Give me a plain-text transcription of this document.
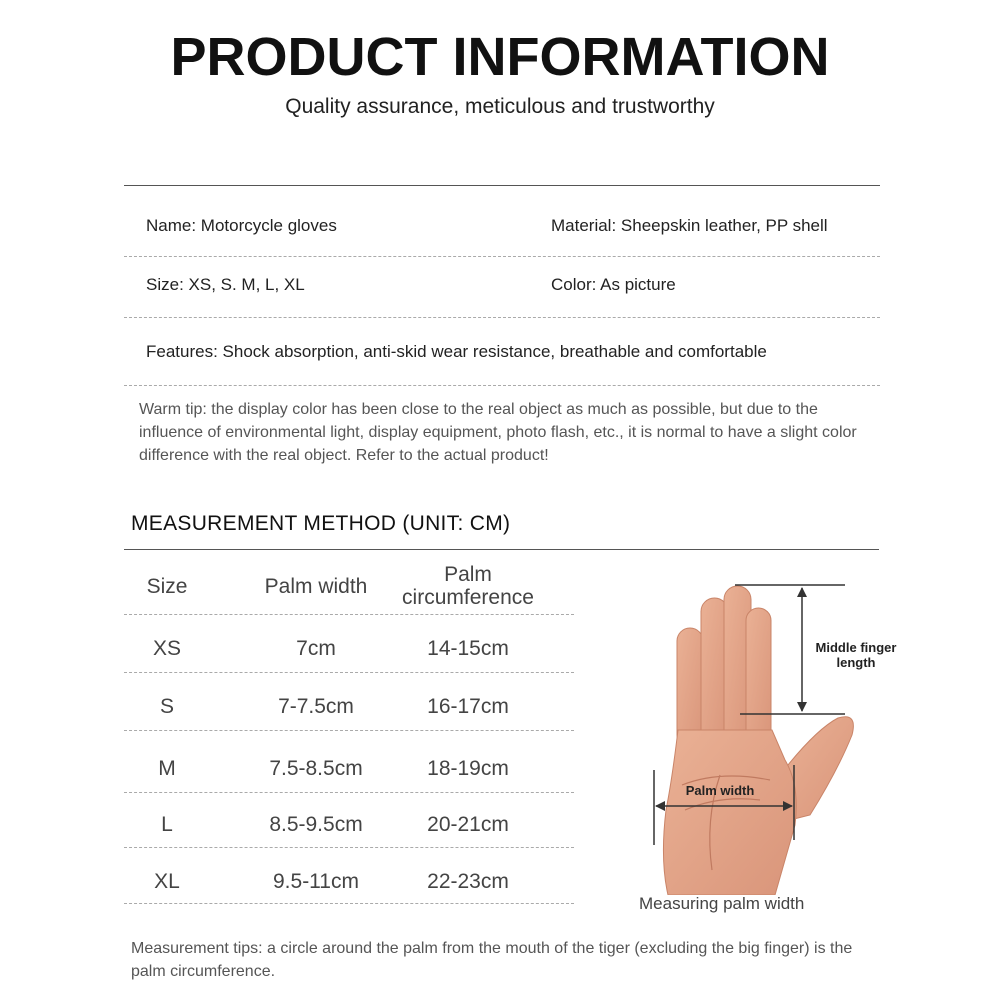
PRODUCT INFORMATION
Quality assurance, meticulous and trustworthy
Name: Motorcycle gloves	Material: Sheepskin leather, PP shell
Size: XS, S. M, L, XL	Color: As picture
Features: Shock absorption, anti-skid wear resistance, breathable and comfortable
Warm tip: the display color has been close to the real object as much as possible, but due to the influence of environmental light, display equipment, photo flash, etc., it is normal to have a slight color difference with the real object. Refer to the actual product!
MEASUREMENT METHOD (UNIT: CM)
Size	Palm width
Palm
circumference
XS	7cm	14-15cm
S	7-7.5cm	16-17cm
M	7.5-8.5cm	18-19cm
L	8.5-9.5cm	20-21cm
XL	9.5-11cm	22-23cm
Middle finger
length
Palm width
Measuring palm width
Measurement tips: a circle around the palm from the mouth of the tiger (excluding the big finger) is the palm circumference.
